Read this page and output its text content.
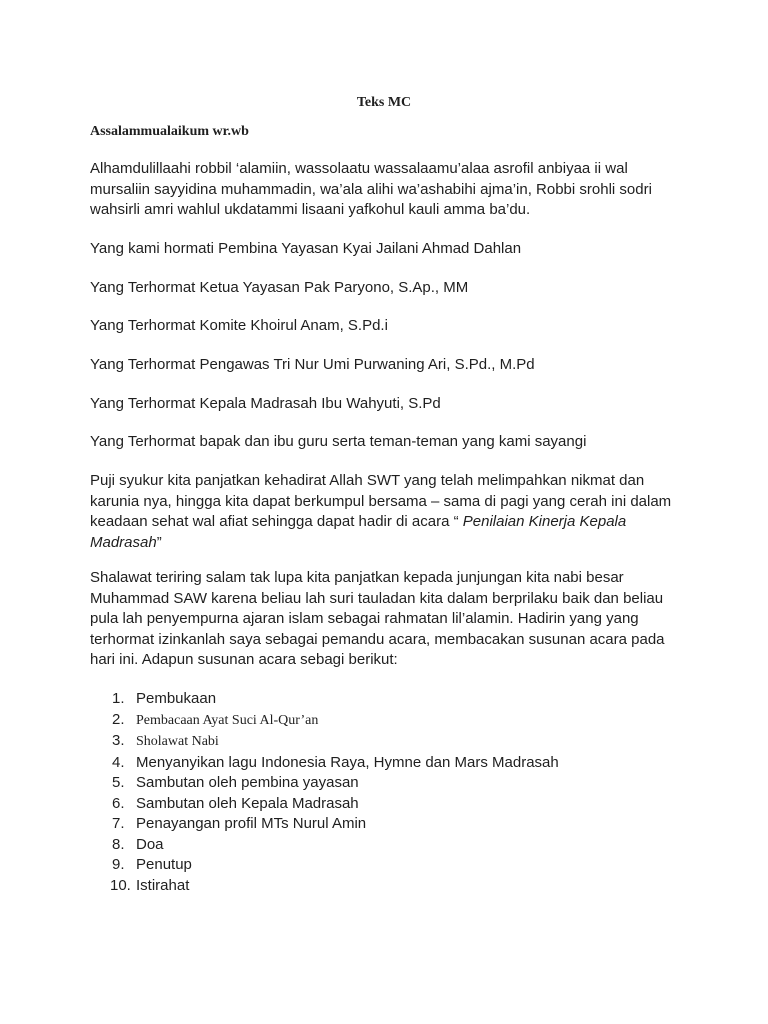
Teks MC
Assalammualaikum wr.wb

Alhamdulillaahi robbil ‘alamiin, wassolaatu wassalaamu’alaa asrofil anbiyaa ii wal
mursaliin sayyidina muhammadin, wa’ala alihi wa’ashabihi ajma’in, Robbi srohli sodri
wahsirli amri wahlul ukdatammi lisaani yafkohul kauli amma ba’du.

Yang kami hormati Pembina Yayasan Kyai Jailani Ahmad Dahlan

Yang Terhormat Ketua Yayasan Pak Paryono, S.Ap., MM

Yang Terhormat Komite Khoirul Anam, S.Pd.i

Yang Terhormat Pengawas Tri Nur Umi Purwaning Ari, S.Pd., M.Pd

Yang Terhormat Kepala Madrasah Ibu Wahyuti, S.Pd

Yang Terhormat bapak dan ibu guru serta teman-teman yang kami sayangi

Puji syukur kita panjatkan kehadirat Allah SWT yang telah melimpahkan nikmat dan
karunia nya, hingga kita dapat berkumpul bersama – sama di pagi yang cerah ini dalam
keadaan sehat wal afiat sehingga dapat hadir di acara “ Penilaian Kinerja Kepala
Madrasah”

Shalawat teriring salam tak lupa kita panjatkan kepada junjungan kita nabi besar
Muhammad SAW karena beliau lah suri tauladan kita dalam berprilaku baik dan beliau
pula lah penyempurna ajaran islam sebagai rahmatan lil’alamin. Hadirin yang yang
terhormat izinkanlah saya sebagai pemandu acara, membacakan susunan acara pada
hari ini. Adapun susunan acara sebagi berikut:

1. Pembukaan
2. Pembacaan Ayat Suci Al-Qur’an
3. Sholawat Nabi
4. Menyanyikan lagu Indonesia Raya, Hymne dan Mars Madrasah
5. Sambutan oleh pembina yayasan
6. Sambutan oleh Kepala Madrasah
7. Penayangan profil MTs Nurul Amin
8. Doa
9. Penutup
10. Istirahat
